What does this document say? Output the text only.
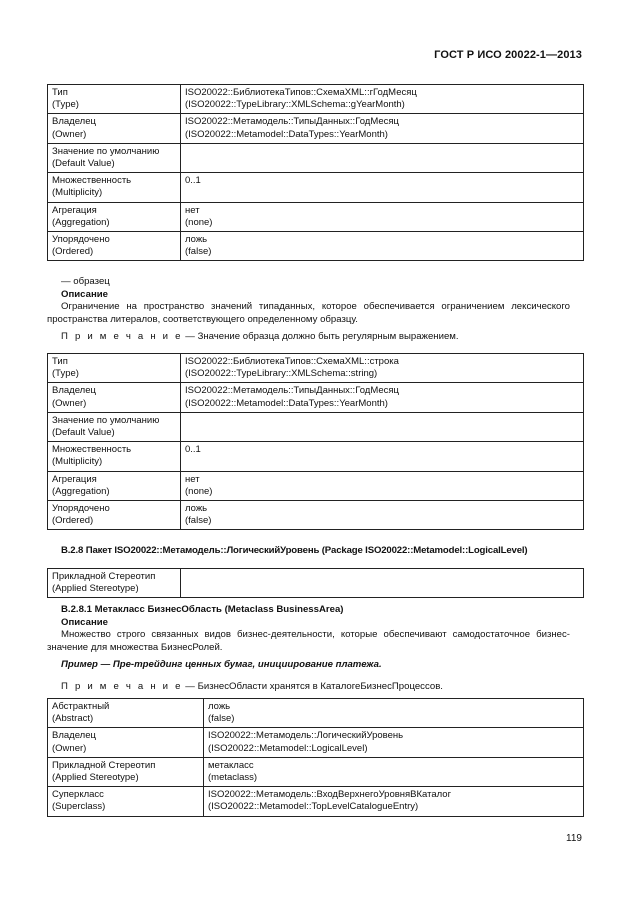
ГОСТ Р ИСО 20022-1—2013
Тип
(Type)	ISO20022::БиблиотекаТипов::СхемаXML::гГодМесяц
(ISO20022::TypeLibrary::XMLSchema::gYearMonth)
Владелец
(Owner)	ISO20022::Метамодель::ТипыДанных::ГодМесяц
(ISO20022::Metamodel::DataTypes::YearMonth)
Значение по умолчанию
(Default Value)	
Множественность
(Multiplicity)	0..1
Агрегация
(Aggregation)	нет
(none)
Упорядочено
(Ordered)	ложь
(false)
— образец
Описание
Ограничение на пространство значений типаданных, которое обеспечивается ограничением лексического пространства литералов, соответствующего определенному образцу.
П р и м е ч а н и е — Значение образца должно быть регулярным выражением.
Тип
(Type)	ISO20022::БиблиотекаТипов::СхемаXML::строка
(ISO20022::TypeLibrary::XMLSchema::string)
Владелец
(Owner)	ISO20022::Метамодель::ТипыДанных::ГодМесяц
(ISO20022::Metamodel::DataTypes::YearMonth)
Значение по умолчанию
(Default Value)	
Множественность
(Multiplicity)	0..1
Агрегация
(Aggregation)	нет
(none)
Упорядочено
(Ordered)	ложь
(false)
B.2.8 Пакет ISO20022::Метамодель::ЛогическийУровень (Package ISO20022::Metamodel::LogicalLevel)
Прикладной Стереотип
(Applied Stereotype)	
B.2.8.1 Метакласс БизнесОбласть (Metaclass BusinessArea)
Описание
Множество строго связанных видов бизнес-деятельности, которые обеспечивают самодостаточное бизнес-значение для множества БизнесРолей.
Пример — Пре-трейдинг ценных бумаг, инициирование платежа.
П р и м е ч а н и е — БизнесОбласти хранятся в КаталогеБизнесПроцессов.
Абстрактный
(Abstract)	ложь
(false)
Владелец
(Owner)	ISO20022::Метамодель::ЛогическийУровень
(ISO20022::Metamodel::LogicalLevel)
Прикладной Стереотип
(Applied Stereotype)	метакласс
(metaclass)
Суперкласс
(Superclass)	ISO20022::Метамодель::ВходВерхнегоУровняВКаталог
(ISO20022::Metamodel::TopLevelCatalogueEntry)
119
